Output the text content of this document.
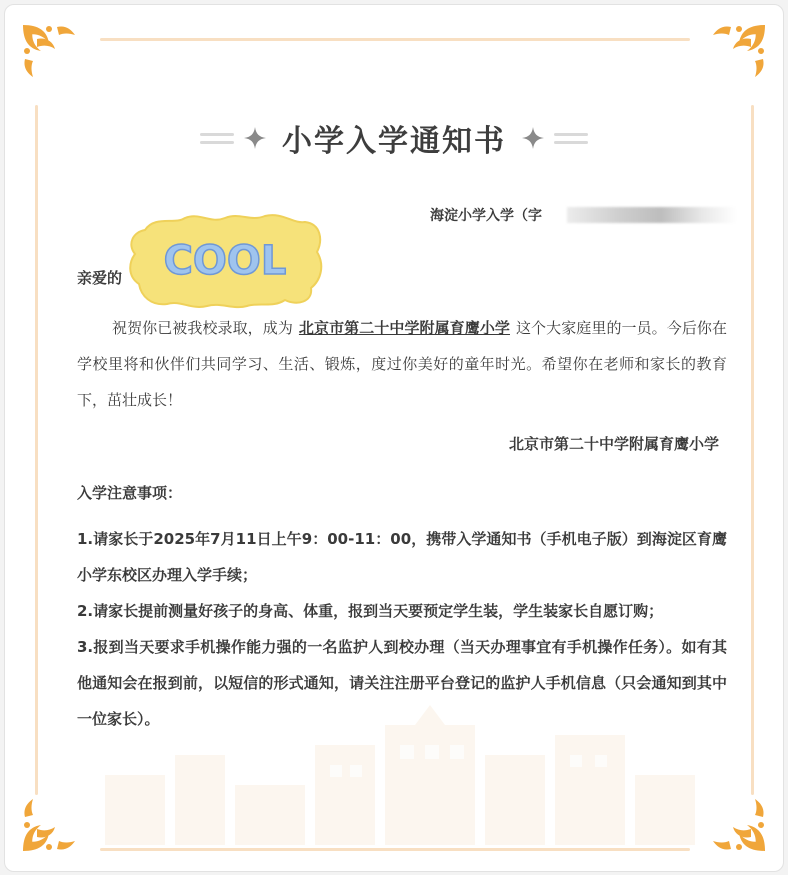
小学入学通知书
海淀小学入学（字
亲爱的 COOL
祝贺你已被我校录取，成为 北京市第二十中学附属育鹰小学 这个大家庭里的一员。今后你在学校里将和伙伴们共同学习、生活、锻炼，度过你美好的童年时光。希望你在老师和家长的教育下，茁壮成长！
北京市第二十中学附属育鹰小学
入学注意事项：

1.请家长于2025年7月11日上午9：00-11：00，携带入学通知书（手机电子版）到海淀区育鹰小学东校区办理入学手续；

2.请家长提前测量好孩子的身高、体重，报到当天要预定学生装，学生装家长自愿订购；

3.报到当天要求手机操作能力强的一名监护人到校办理（当天办理事宜有手机操作任务）。如有其他通知会在报到前，以短信的形式通知，请关注注册平台登记的监护人手机信息（只会通知到其中一位家长）。
